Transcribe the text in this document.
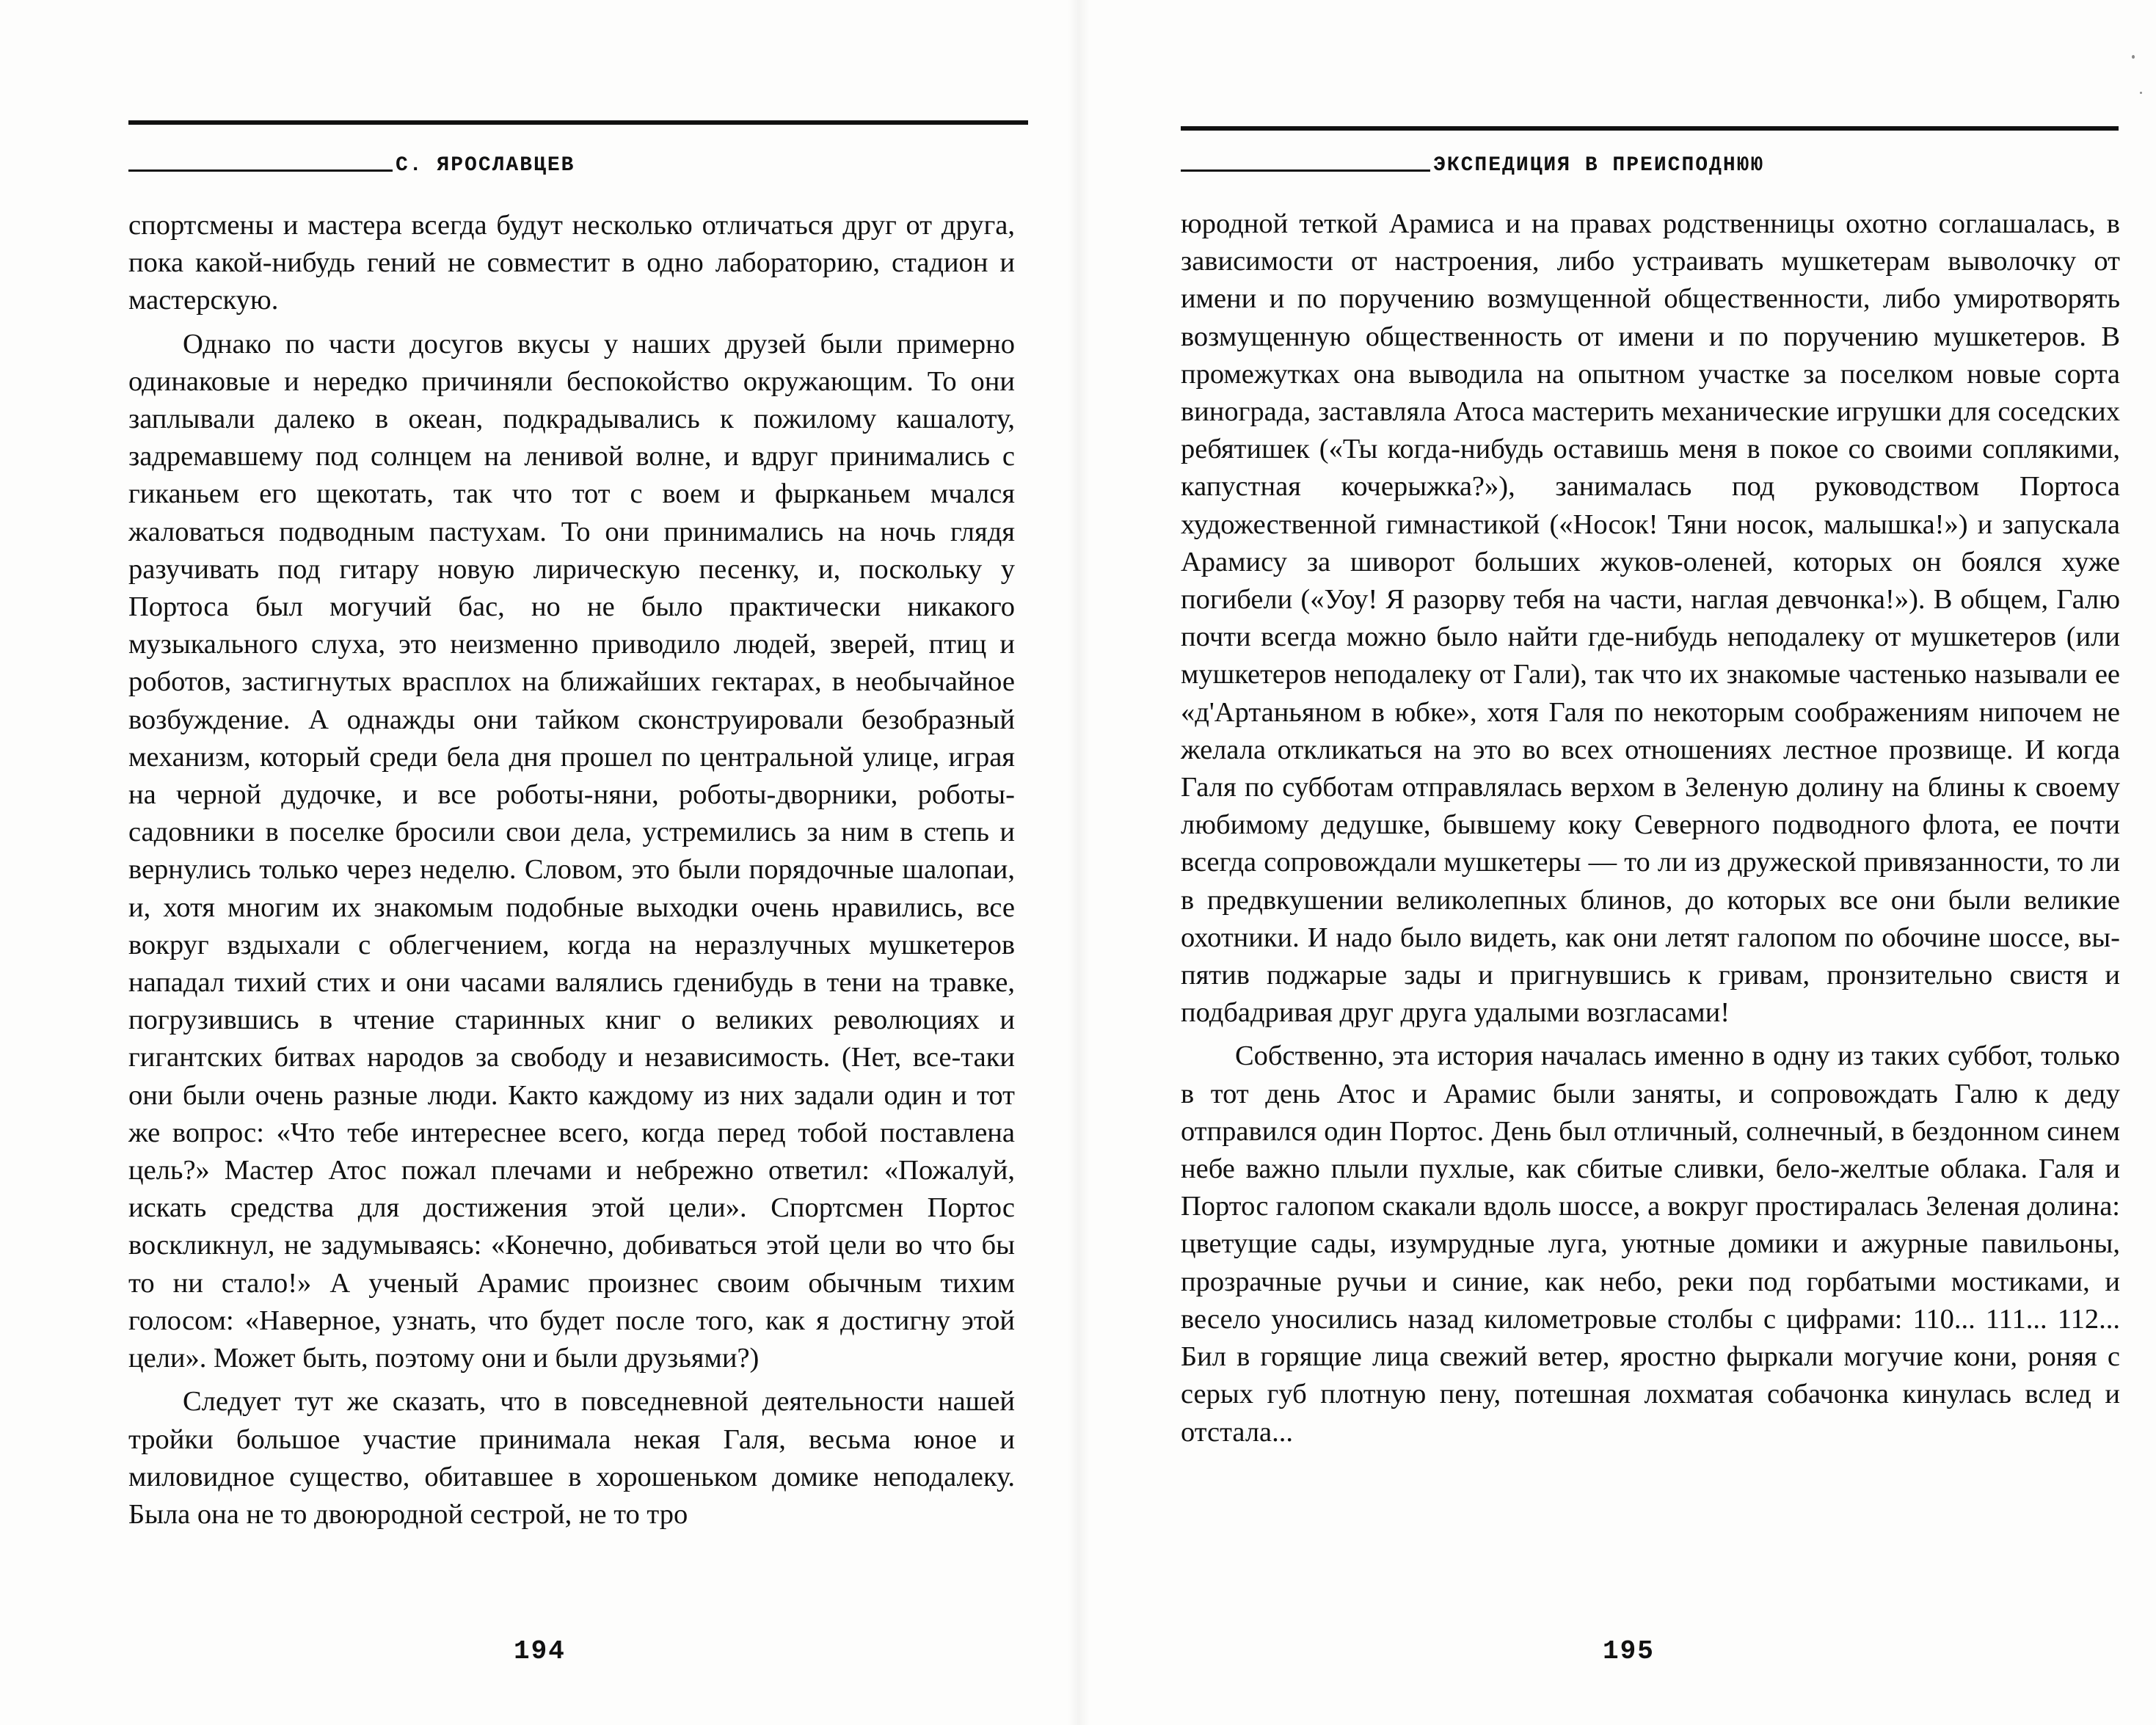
С. ЯРОСЛАВЦЕВ

спортсмены и мастера всегда будут несколько отличаться друг от друга, пока какой-нибудь гений не совместит в одно лабораторию, стадион и мастерскую.

Однако по части досугов вкусы у наших друзей были примерно одинаковые и нередко причиняли беспокойство окружающим. То они заплывали далеко в океан, подкрадывались к пожилому кашалоту, задремавшему под солнцем на ленивой волне, и вдруг принимались с гиканьем его щекотать, так что тот с воем и фырканьем мчался жаловаться подводным пастухам. То они принимались на ночь глядя разучивать под гитару новую лирическую песенку, и, поскольку у Портоса был могучий бас, но не было практически никакого музыкального слуха, это неизменно приводило людей, зверей, птиц и роботов, застигнутых врасплох на ближайших гектарах, в необычайное возбуждение. А однажды они тайком сконструировали безобразный механизм, который среди бела дня прошел по центральной улице, играя на черной дудочке, и все роботы-няни, роботы-дворники, роботысадовники в поселке бросили свои дела, устремились за ним в степь и вернулись только через неделю. Словом, это были порядочные шалопаи, и, хотя многим их знакомым подобные выходки очень нравились, все вокруг вздыхали с облегчением, когда на неразлучных мушкетеров нападал тихий стих и они часами валялись гденибудь в тени на травке, погрузившись в чтение старинных книг о великих революциях и гигантских битвах народов за свободу и независимость. (Нет, все-таки они были очень разные люди. Както каждому из них задали один и тот же вопрос: «Что тебе интереснее всего, когда перед тобой поставлена цель?» Мастер Атос пожал плечами и небрежно ответил: «Пожалуй, искать средства для достижения этой цели». Спортсмен Портос воскликнул, не задумываясь: «Конечно, добиваться этой цели во что бы то ни стало!» А ученый Арамис произнес своим обычным тихим голосом: «Наверное, узнать, что будет после того, как я достигну этой цели». Может быть, поэтому они и были друзьями?)

Следует тут же сказать, что в повседневной деятельности нашей тройки большое участие принимала некая Галя, весьма юное и миловидное существо, обитавшее в хорошеньком домике неподалеку. Была она не то двоюродной сестрой, не то тро

194
ЭКСПЕДИЦИЯ В ПРЕИСПОДНЮЮ

юродной теткой Арамиса и на правах родственницы охотно соглашалась, в зависимости от настроения, либо устраивать мушкетерам выволочку от имени и по поручению возмущенной общественности, либо умиротворять возмущенную общественность от имени и по поручению мушкетеров. В промежутках она выводила на опытном участке за поселком новые сорта винограда, заставляла Атоса мастерить механические игрушки для соседских ребятишек («Ты когда-нибудь оставишь меня в покое со своими соплякими, капустная кочерыжка?»), занималась под руководством Портоса художественной гимнастикой («Носок! Тяни носок, малышка!») и запускала Арамису за шиворот больших жуков-оленей, которых он боялся хуже погибели («Уоу! Я разорву тебя на части, наглая девчонка!»). В общем, Галю почти всегда можно было найти где-нибудь неподалеку от мушкетеров (или мушкетеров неподалеку от Гали), так что их знакомые частенько называли ее «д'Артаньяном в юбке», хотя Галя по некоторым соображениям нипочем не желала откликаться на это во всех отношениях лестное прозвище. И когда Галя по субботам отправлялась верхом в Зеленую долину на блины к своему любимому дедушке, бывшему коку Северного подводного флота, ее почти всегда сопровождали мушкетеры — то ли из дружеской привязанности, то ли в предвкушении великолепных блинов, до которых все они были великие охотники. И надо было видеть, как они летят галопом по обочине шоссе, выпятив поджарые зады и пригнувшись к гривам, пронзительно свистя и подбадривая друг друга удалыми возгласами!

Собственно, эта история началась именно в одну из таких суббот, только в тот день Атос и Арамис были заняты, и сопровождать Галю к деду отправился один Портос. День был отличный, солнечный, в бездонном синем небе важно плыли пухлые, как сбитые сливки, бело-желтые облака. Галя и Портос галопом скакали вдоль шоссе, а вокруг простиралась Зеленая долина: цветущие сады, изумрудные луга, уютные домики и ажурные павильоны, прозрачные ручьи и синие, как небо, реки под горбатыми мостиками, и весело уносились назад километровые столбы с цифрами: 110... 111... 112... Бил в горящие лица свежий ветер, яростно фыркали могучие кони, роняя с серых губ плотную пену, потешная лохматая собачонка кинулась вслед и отстала...

195
